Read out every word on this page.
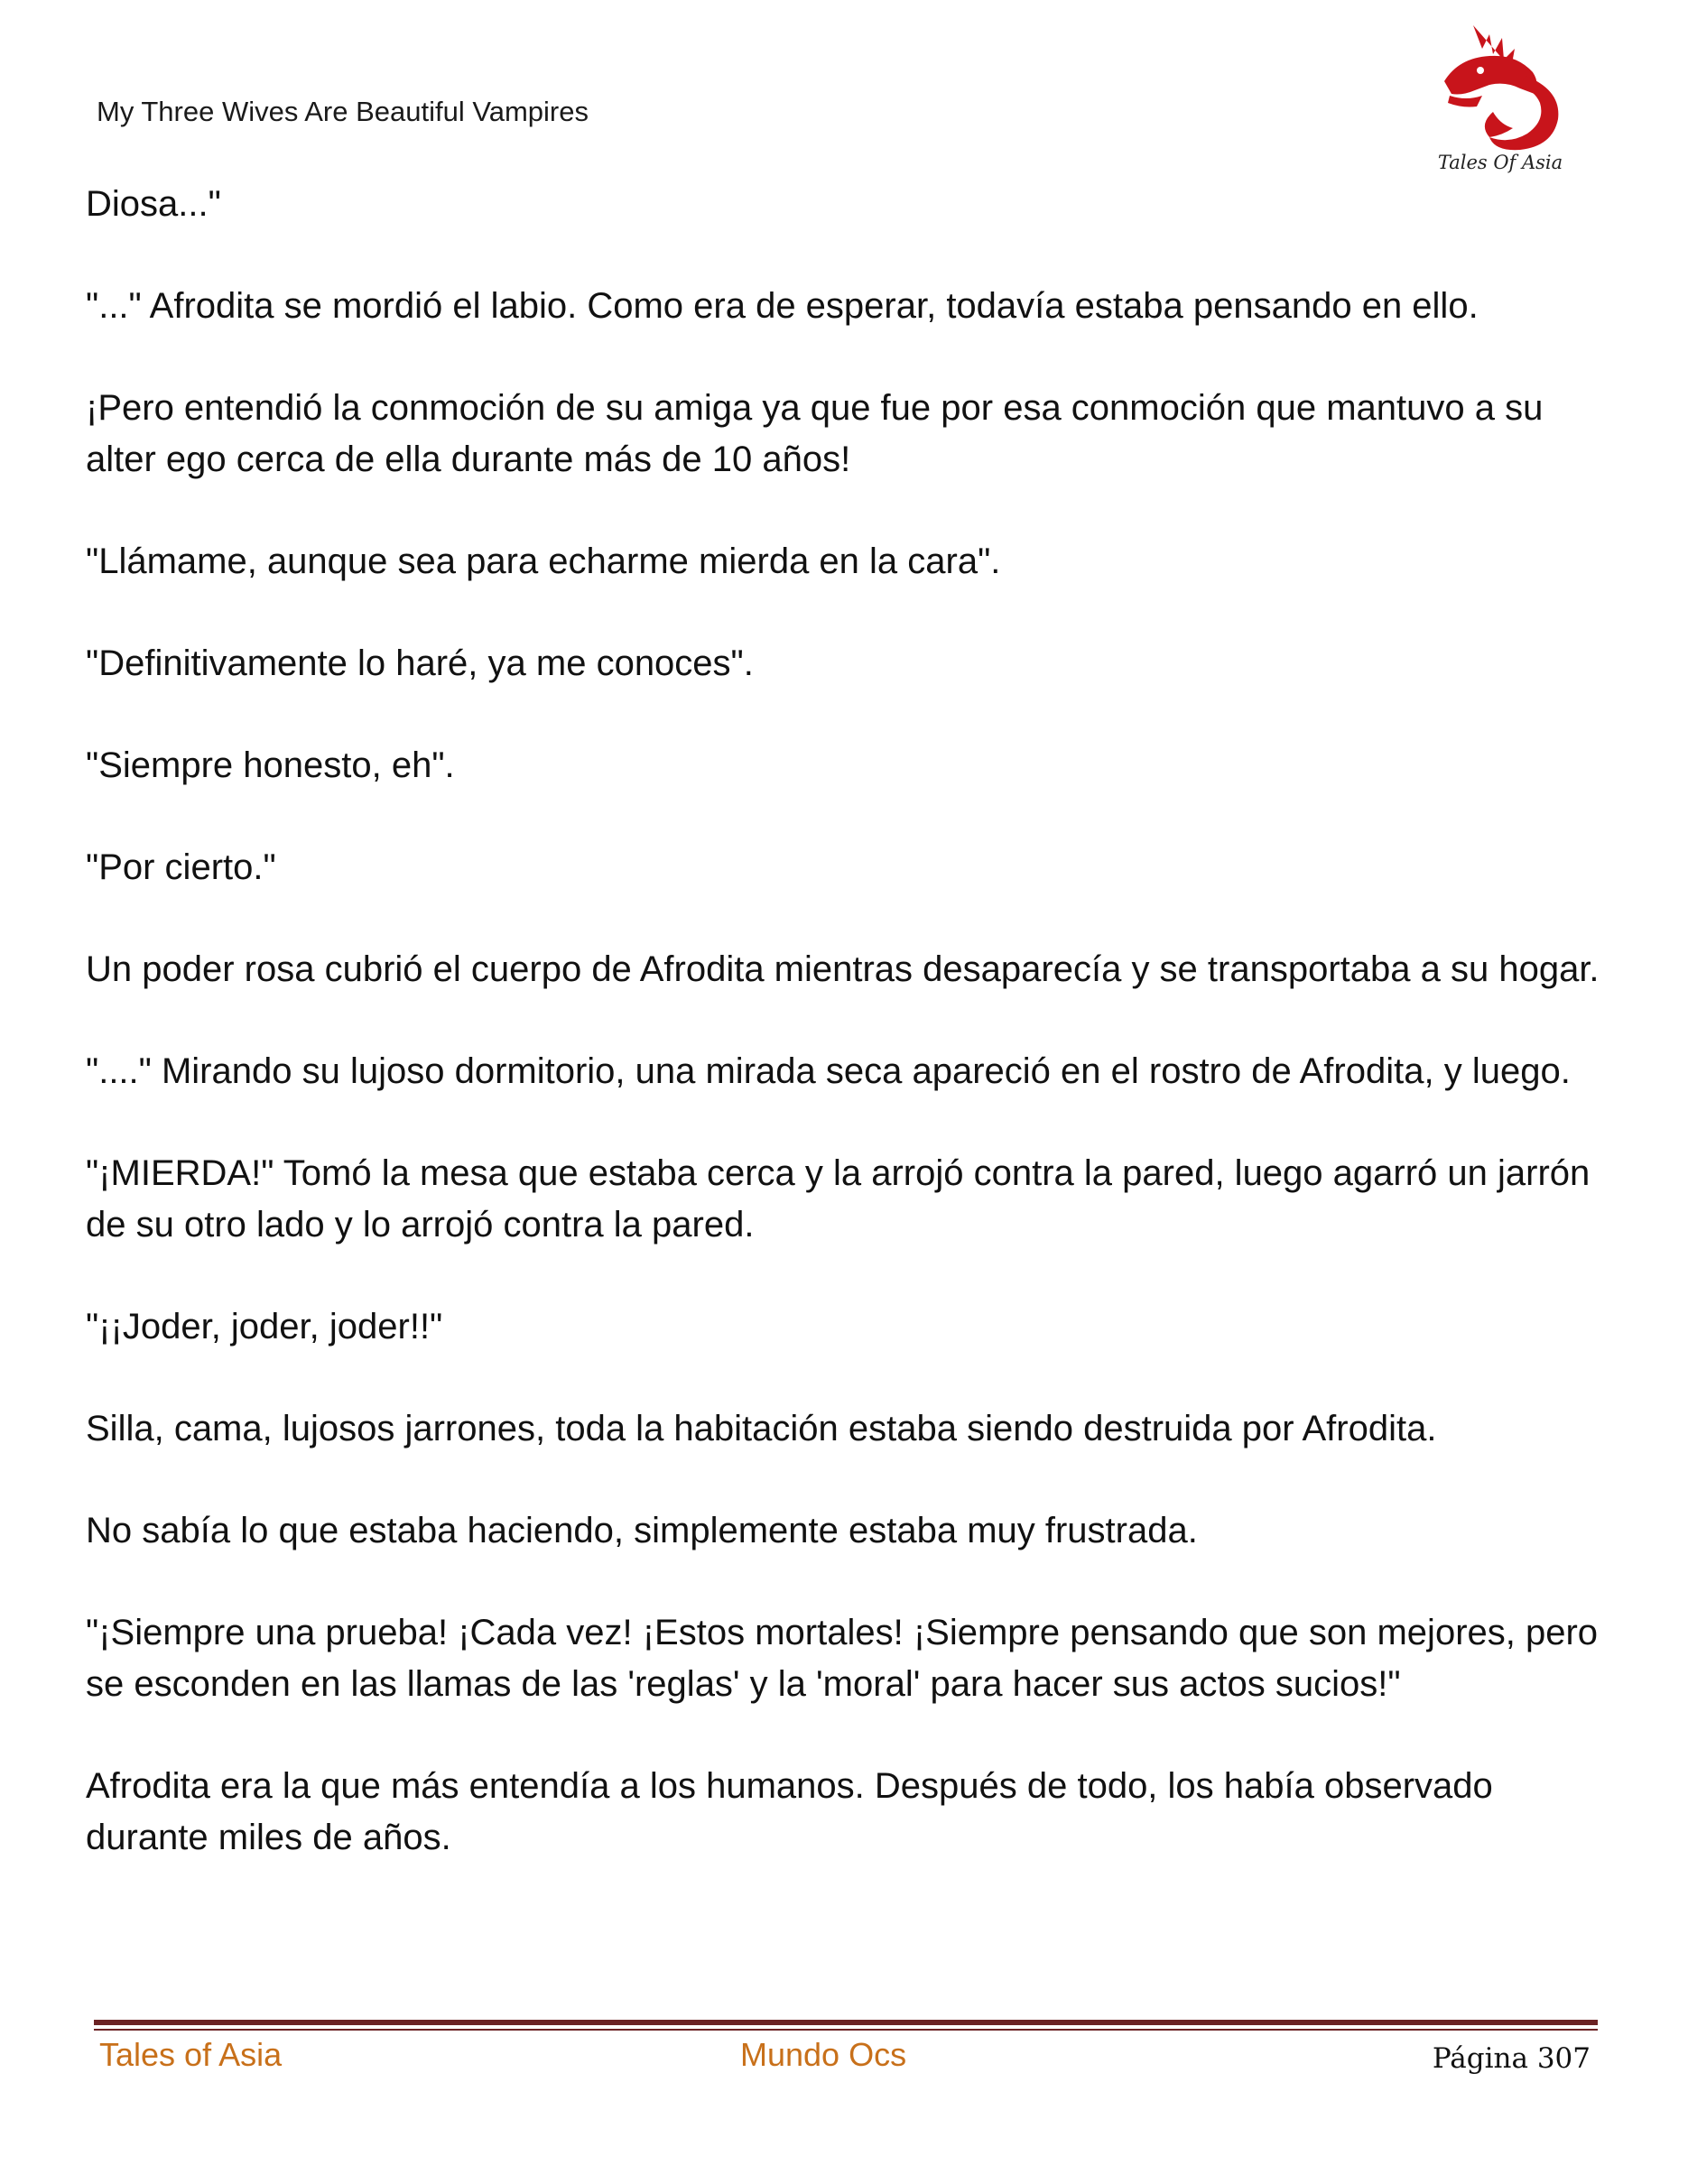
My Three Wives Are Beautiful Vampires
Tales Of Asia

Diosa..."

"..." Afrodita se mordió el labio. Como era de esperar, todavía estaba pensando en ello.

¡Pero entendió la conmoción de su amiga ya que fue por esa conmoción que mantuvo a su alter ego cerca de ella durante más de 10 años!

"Llámame, aunque sea para echarme mierda en la cara".

"Definitivamente lo haré, ya me conoces".

"Siempre honesto, eh".

"Por cierto."

Un poder rosa cubrió el cuerpo de Afrodita mientras desaparecía y se transportaba a su hogar.

"...." Mirando su lujoso dormitorio, una mirada seca apareció en el rostro de Afrodita, y luego.

"¡MIERDA!" Tomó la mesa que estaba cerca y la arrojó contra la pared, luego agarró un jarrón de su otro lado y lo arrojó contra la pared.

"¡¡Joder, joder, joder!!"

Silla, cama, lujosos jarrones, toda la habitación estaba siendo destruida por Afrodita.

No sabía lo que estaba haciendo, simplemente estaba muy frustrada.

"¡Siempre una prueba! ¡Cada vez! ¡Estos mortales! ¡Siempre pensando que son mejores, pero se esconden en las llamas de las 'reglas' y la 'moral' para hacer sus actos sucios!"

Afrodita era la que más entendía a los humanos. Después de todo, los había observado durante miles de años.

Tales of Asia	Mundo Ocs	Página 307
